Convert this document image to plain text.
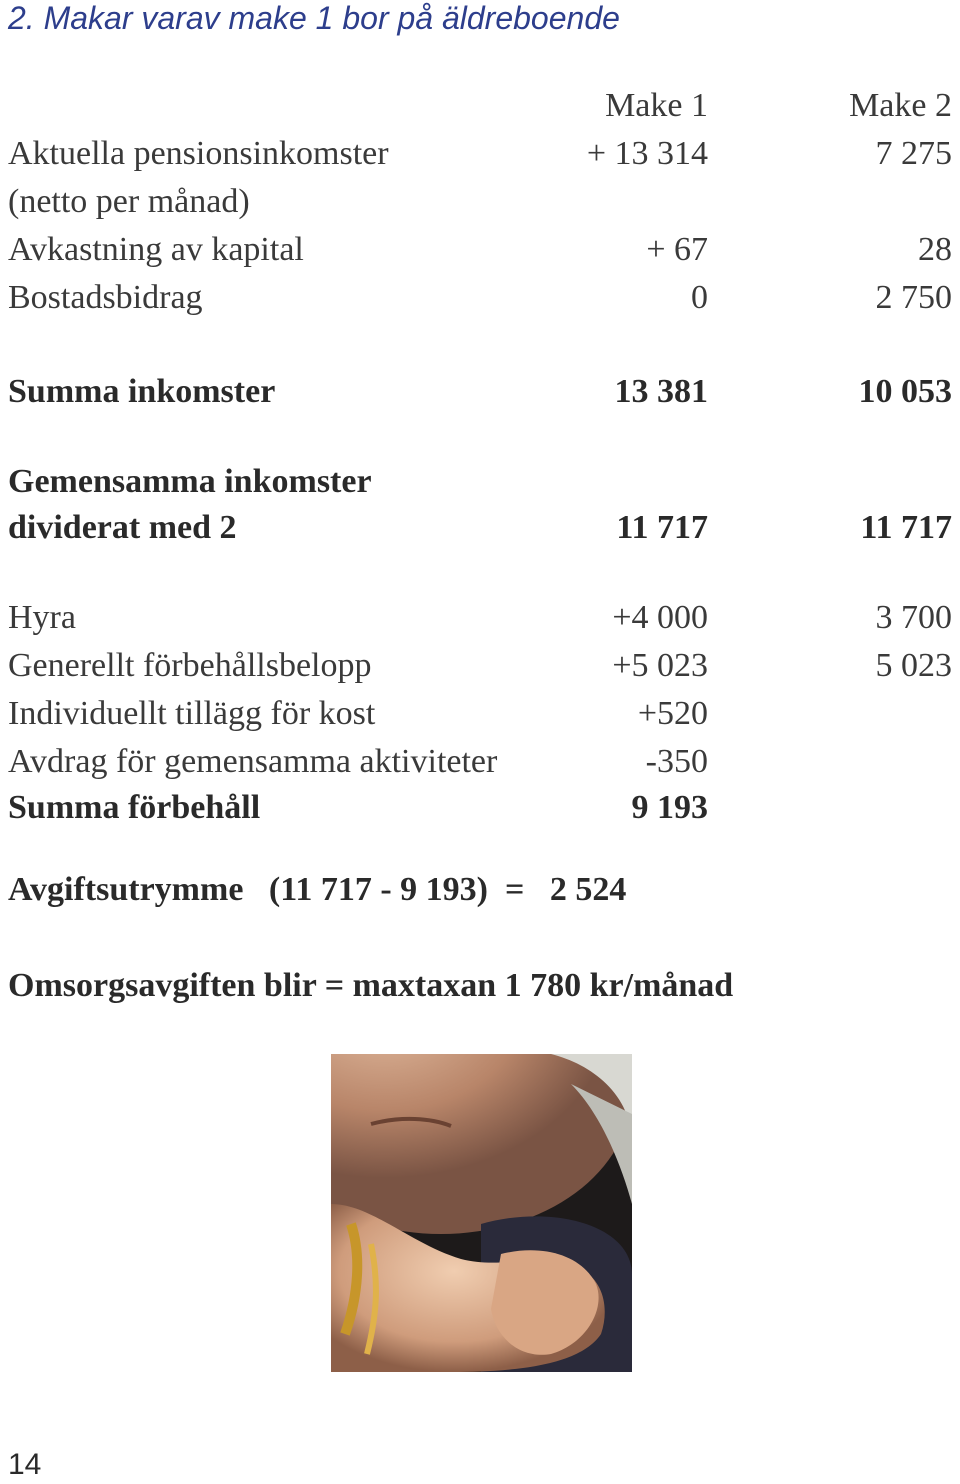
2. Makar varav make 1 bor på äldreboende
Make 1	Make 2
Aktuella pensionsinkomster	+ 13 314	7 275
(netto per månad)
Avkastning av kapital	+ 67	28
Bostadsbidrag	0	2 750
Summa inkomster	13 381	10 053
Gemensamma inkomster
dividerat med 2	11 717	11 717
Hyra	+4 000	3 700
Generellt förbehållsbelopp	+5 023	5 023
Individuellt tillägg för kost	+520
Avdrag för gemensamma aktiviteter	-350
Summa förbehåll	9 193
Avgiftsutrymme   (11 717 - 9 193)  =   2 524
Omsorgsavgiften blir = maxtaxan 1 780 kr/månad
14
